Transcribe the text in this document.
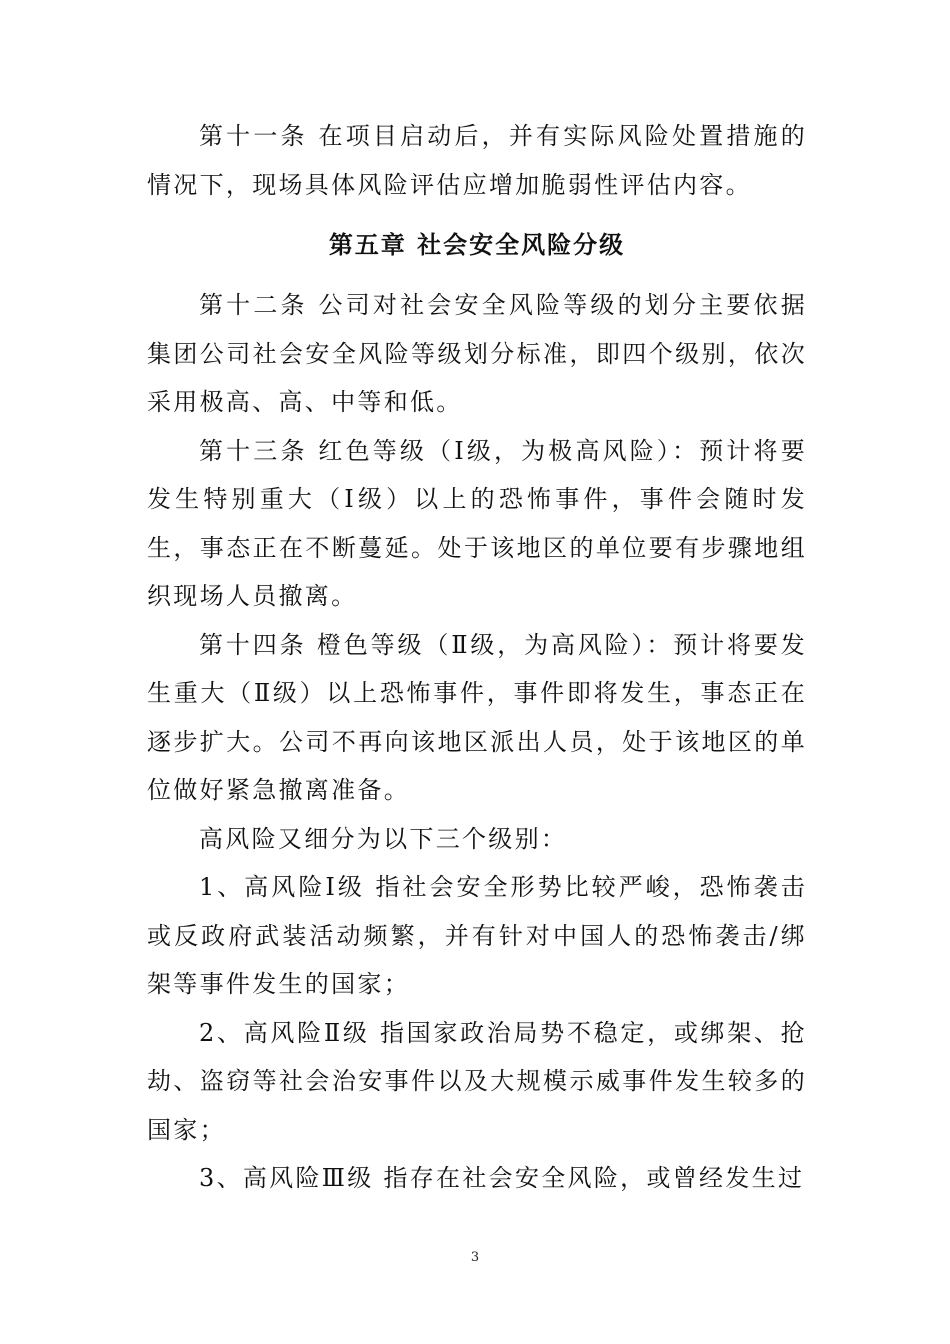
第十一条 在项目启动后，并有实际风险处置措施的情况下，现场具体风险评估应增加脆弱性评估内容。

第五章 社会安全风险分级

第十二条 公司对社会安全风险等级的划分主要依据集团公司社会安全风险等级划分标准，即四个级别，依次采用极高、高、中等和低。

第十三条 红色等级（Ⅰ级，为极高风险）：预计将要发生特别重大（Ⅰ级）以上的恐怖事件，事件会随时发生，事态正在不断蔓延。处于该地区的单位要有步骤地组织现场人员撤离。

第十四条 橙色等级（Ⅱ级，为高风险）：预计将要发生重大（Ⅱ级）以上恐怖事件，事件即将发生，事态正在逐步扩大。公司不再向该地区派出人员，处于该地区的单位做好紧急撤离准备。

高风险又细分为以下三个级别：

1、高风险Ⅰ级 指社会安全形势比较严峻，恐怖袭击或反政府武装活动频繁，并有针对中国人的恐怖袭击/绑架等事件发生的国家；

2、高风险Ⅱ级 指国家政治局势不稳定，或绑架、抢劫、盗窃等社会治安事件以及大规模示威事件发生较多的国家；

3、高风险Ⅲ级 指存在社会安全风险，或曾经发生过

3
